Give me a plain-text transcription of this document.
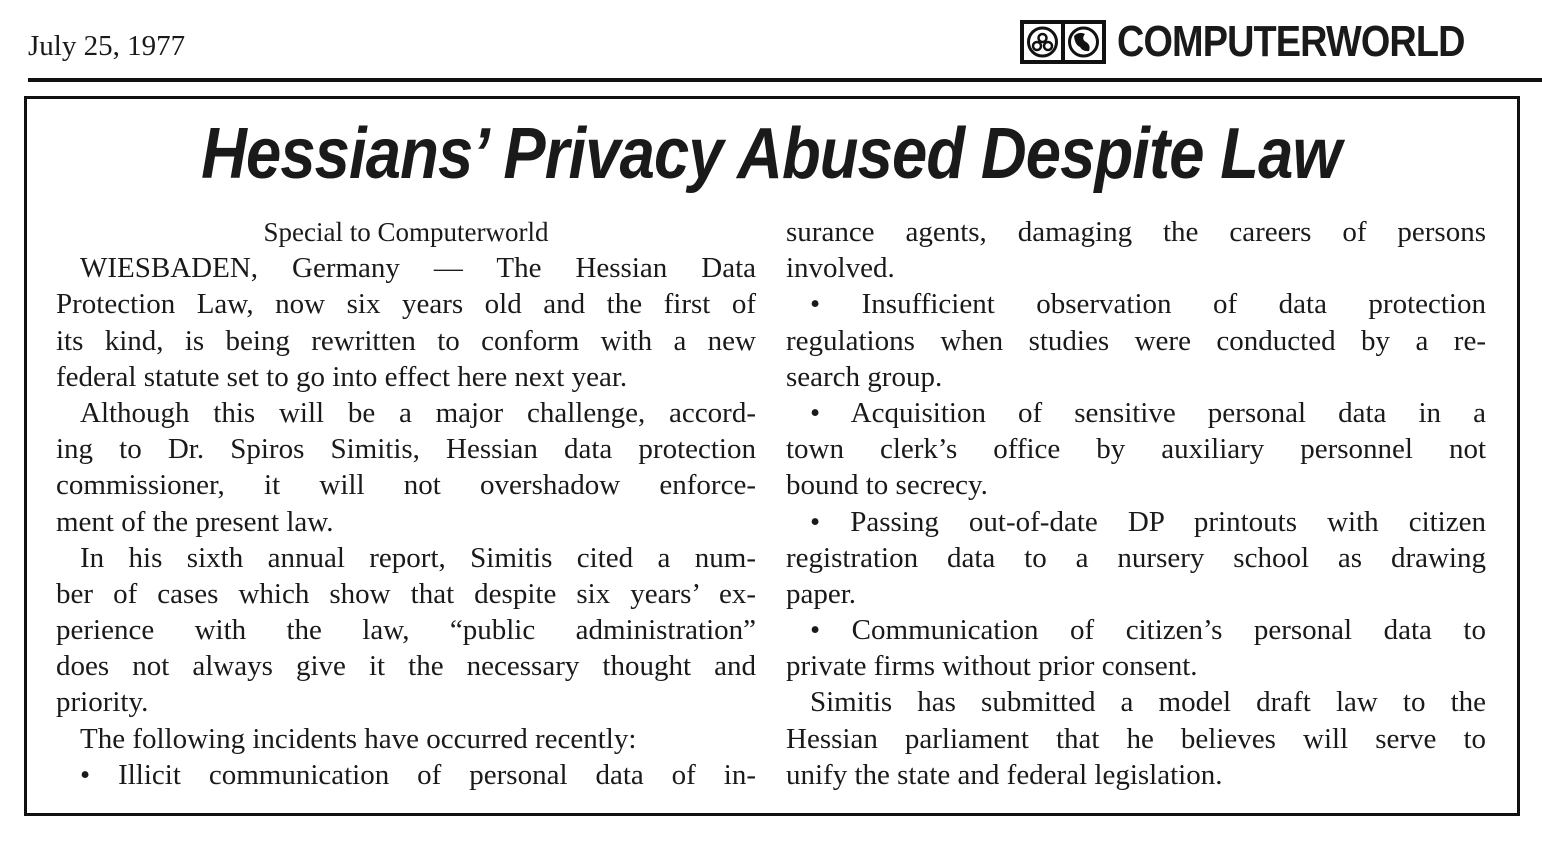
July 25, 1977	COMPUTERWORLD
Hessians’ Privacy Abused Despite Law
Special to Computerworld
WIESBADEN, Germany — The Hessian Data
Protection Law, now six years old and the first of
its kind, is being rewritten to conform with a new
federal statute set to go into effect here next year.
Although this will be a major challenge, accord-
ing to Dr. Spiros Simitis, Hessian data protection
commissioner, it will not overshadow enforce-
ment of the present law.
In his sixth annual report, Simitis cited a num-
ber of cases which show that despite six years’ ex-
perience with the law, “public administration”
does not always give it the necessary thought and
priority.
The following incidents have occurred recently:
• Illicit communication of personal data of in-
surance agents, damaging the careers of persons
involved.
• Insufficient observation of data protection
regulations when studies were conducted by a re-
search group.
• Acquisition of sensitive personal data in a
town clerk’s office by auxiliary personnel not
bound to secrecy.
• Passing out-of-date DP printouts with citizen
registration data to a nursery school as drawing
paper.
• Communication of citizen’s personal data to
private firms without prior consent.
Simitis has submitted a model draft law to the
Hessian parliament that he believes will serve to
unify the state and federal legislation.
